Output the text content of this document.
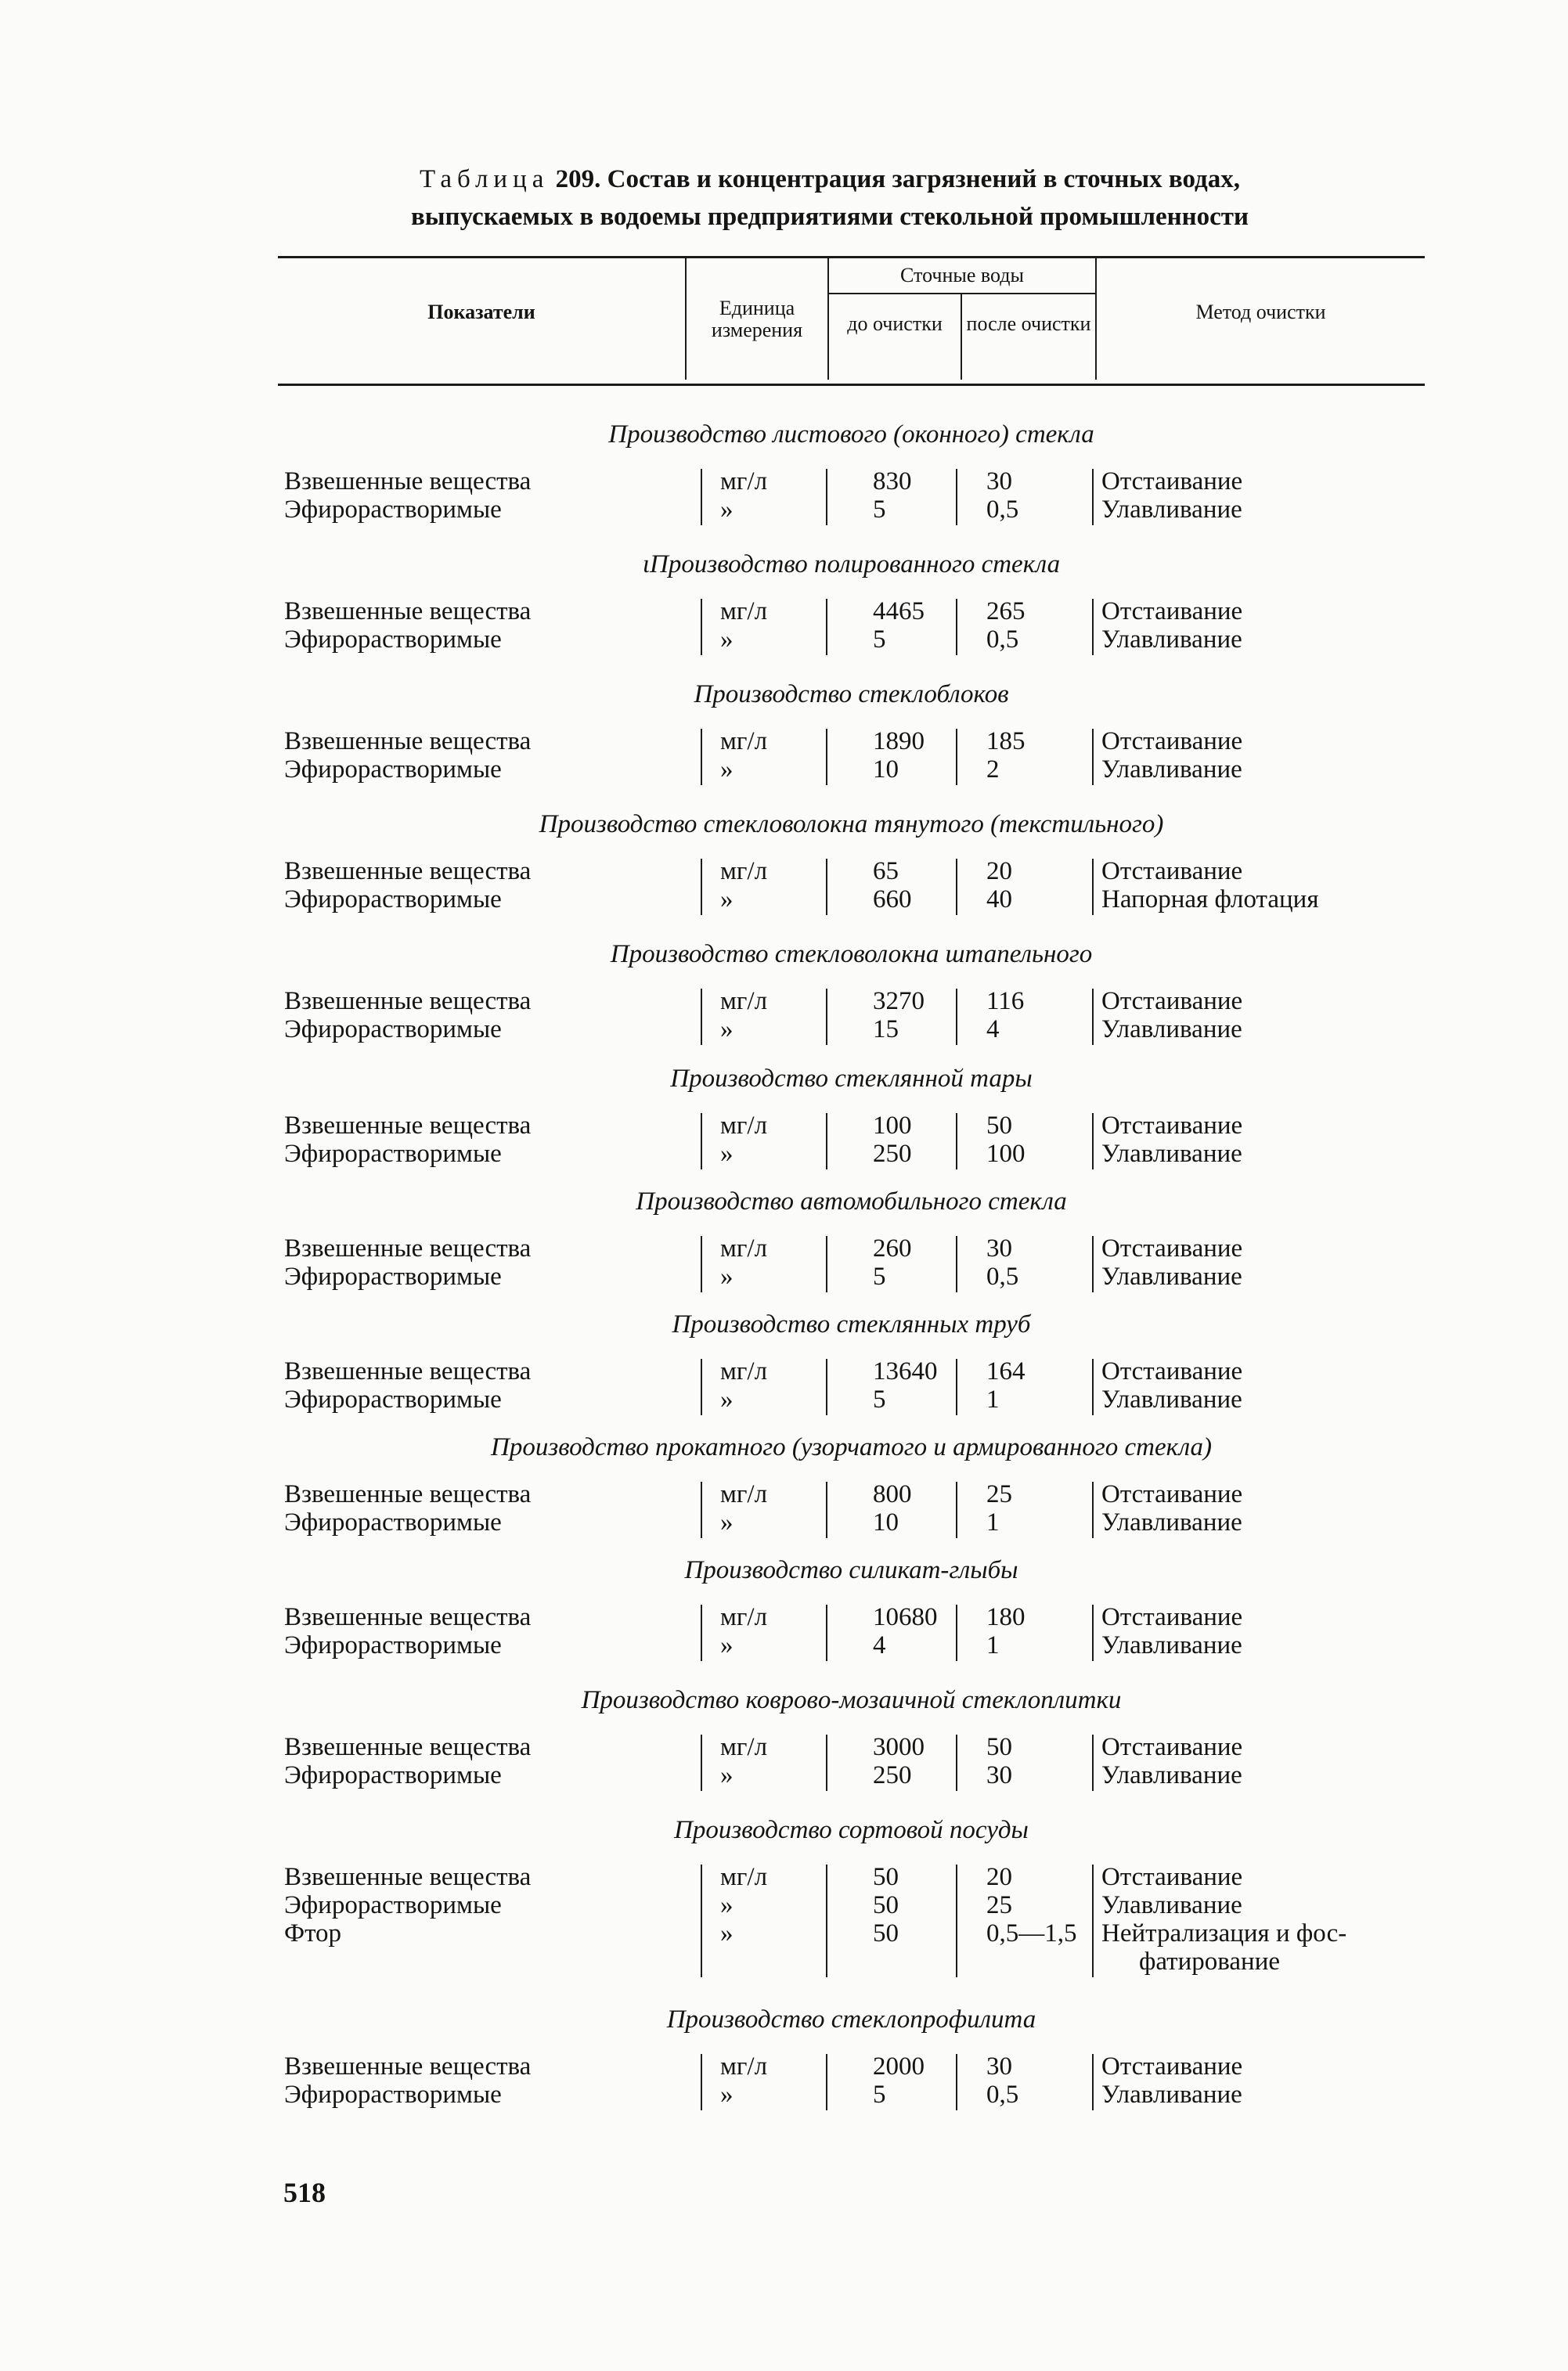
Таблица 209. Состав и концентрация загрязнений в сточных водах,
выпускаемых в водоемы предприятиями стекольной промышленности
Показатели	Единица измерения
Сточные воды
до очистки	после очистки
Метод очистки
Производство листового (оконного) стекла
Взвешенные вещества	мг/л	830	30	Отстаивание
Эфирорастворимые	»	5	0,5	Улавливание
ɩПроизводство полированного стекла
Взвешенные вещества	мг/л	4465 265	Отстаивание
Эфирорастворимые	»	5	0,5	Улавливание
Производство стеклоблоков
Взвешенные вещества	мг/л	1890 185	Отстаивание
Эфирорастворимые	»	10	2	Улавливание
Производство стекловолокна тянутого (текстильного)
Взвешенные вещества	мг/л	65	20	Отстаивание
Эфирорастворимые	»	660	40	Напорная флотация
Производство стекловолокна штапельного
Взвешенные вещества	мг/л	3270 116	Отстаивание
Эфирорастворимые	»	15	4	Улавливание
Производство стеклянной тары
Взвешенные вещества	мг/л	100	50	Отстаивание
Эфирорастворимые	»	250	100	Улавливание
Производство автомобильного стекла
Взвешенные вещества	мг/л	260	30	Отстаивание
Эфирорастворимые	»	5	0,5	Улавливание
Производство стеклянных труб
Взвешенные вещества	мг/л	13640 164	Отстаивание
Эфирорастворимые	»	5	1	Улавливание
Производство прокатного (узорчатого и армированного стекла)
Взвешенные вещества	мг/л	800	25	Отстаивание
Эфирорастворимые	»	10	1	Улавливание
Производство силикат-глыбы
Взвешенные вещества	мг/л	10680 180	Отстаивание
Эфирорастворимые	»	4	1	Улавливание
Производство ковровo-мозаичной стеклоплитки
Взвешенные вещества	мг/л	3000 50	Отстаивание
Эфирорастворимые	»	250	30	Улавливание
Производство сортовой посуды
Взвешенные вещества	мг/л	50	20	Отстаивание
Эфирорастворимые	»	50	25	Улавливание
Фтор	»	50	0,5—1,5 Нейтрализация и фос-
фатирование
Производство стеклопрофилита
Взвешенные вещества	мг/л	2000 30	Отстаивание
Эфирорастворимые	»	5	0,5	Улавливание
518
